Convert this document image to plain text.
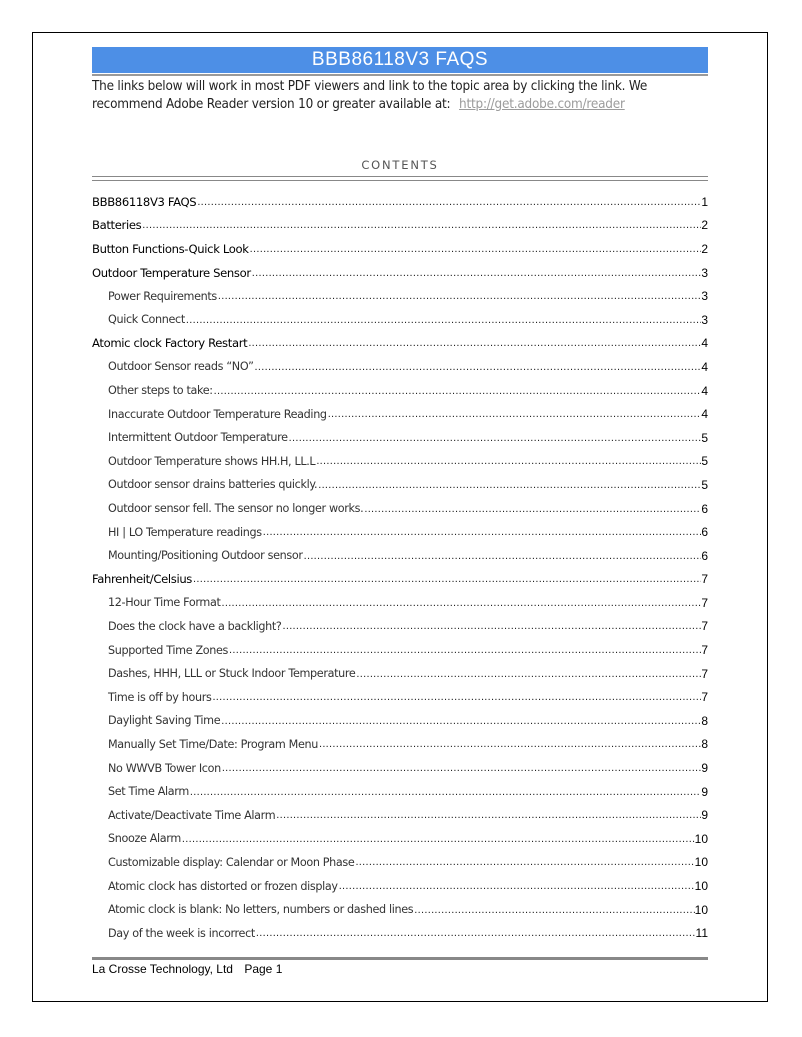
BBB86118V3 FAQS
The links below will work in most PDF viewers and link to the topic area by clicking the link. We recommend Adobe Reader version 10 or greater available at: http://get.adobe.com/reader
CONTENTS
BBB86118V3 FAQS .....	1
Batteries .....	2
Button Functions-Quick Look .....	2
Outdoor Temperature Sensor .....	3
Power Requirements .....	3
Quick Connect .....	3
Atomic clock Factory Restart .....	4
Outdoor Sensor reads “NO” .....	4
Other steps to take: .....	4
Inaccurate Outdoor Temperature Reading .....	4
Intermittent Outdoor Temperature .....	5
Outdoor Temperature shows HH.H, LL.L .....	5
Outdoor sensor drains batteries quickly. .....	5
Outdoor sensor fell. The sensor no longer works. .....	6
HI | LO Temperature readings .....	6
Mounting/Positioning Outdoor sensor .....	6
Fahrenheit/Celsius .....	7
12-Hour Time Format .....	7
Does the clock have a backlight? .....	7
Supported Time Zones .....	7
Dashes, HHH, LLL or Stuck Indoor Temperature .....	7
Time is off by hours .....	7
Daylight Saving Time .....	8
Manually Set Time/Date: Program Menu .....	8
No WWVB Tower Icon .....	9
Set Time Alarm .....	9
Activate/Deactivate Time Alarm .....	9
Snooze Alarm .....	10
Customizable display: Calendar or Moon Phase .....	10
Atomic clock has distorted or frozen display .....	10
Atomic clock is blank: No letters, numbers or dashed lines .....	10
Day of the week is incorrect .....	11
La Crosse Technology, Ltd Page 1
